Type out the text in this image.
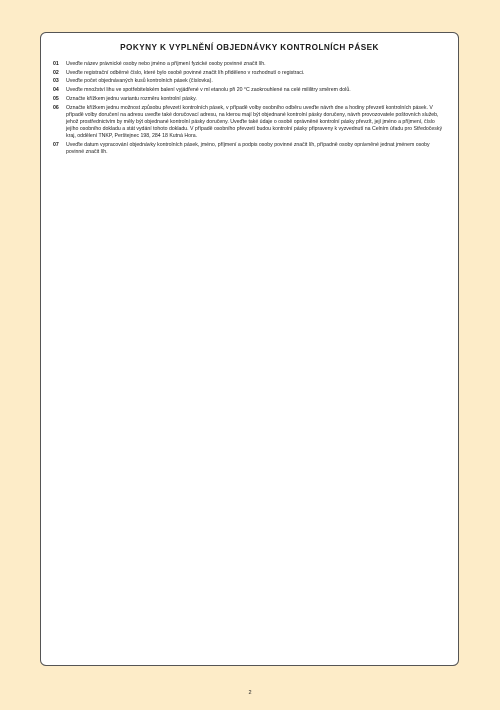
POKYNY K VYPLNĚNÍ OBJEDNÁVKY KONTROLNÍCH PÁSEK
01	Uveďte název právnické osoby nebo jméno a příjmení fyzické osoby povinné značit líh.
02	Uveďte registrační odběrné číslo, které bylo osobě povinné značit líh přiděleno v rozhodnutí o registraci.
03	Uveďte počet objednávaných kusů kontrolních pásek (číslovka).
04	Uveďte množství lihu ve spotřebitelském balení vyjádřené v ml etanolu při 20 °C zaokrouhlené na celé mililitry směrem dolů.
05	Označte křížkem jednu variantu rozměru kontrolní pásky.
06	Označte křížkem jednu možnost způsobu převzetí kontrolních pásek, v případě volby osobního odběru uveďte návrh dne a hodiny převzetí kontrolních pásek. V případě volby doručení na adresu uveďte také doručovací adresu, na kterou mají být objednané kontrolní pásky doručeny, návrh provozovatele poštovních služeb, jehož prostřednictvím by měly být objednané kontrolní pásky doručeny. Uveďte také údaje o osobě oprávněné kontrolní pásky převzít, její jméno a příjmení, číslo jejího osobního dokladu a stát vydání tohoto dokladu. V případě osobního převzetí budou kontrolní pásky připraveny k vyzvednutí na Celním úřadu pro Středočeský kraj, oddělení TNKP, Perštejnec 198, 284 18 Kutná Hora.
07	Uveďte datum vypracování objednávky kontrolních pásek, jméno, příjmení a podpis osoby povinné značit líh, případně osoby oprávněné jednat jménem osoby povinné značit líh.
2
